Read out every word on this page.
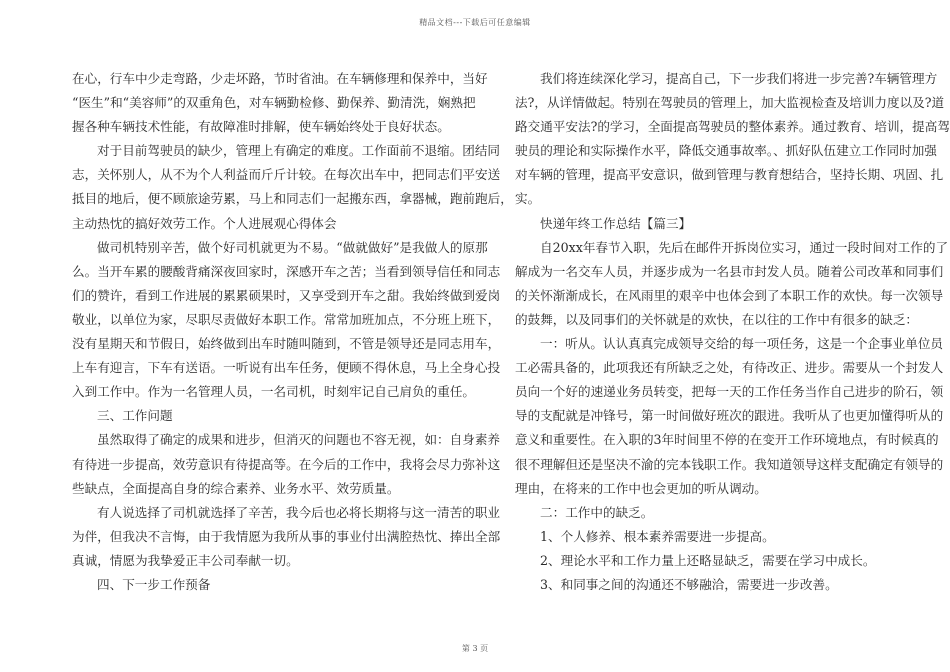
精品文档---下载后可任意编辑
在心，行车中少走弯路，少走坏路，节时省油。在车辆修理和保养中，当好
“医生”和“美容师”的双重角色，对车辆勤检修、勤保养、勤清洗，娴熟把
握各种车辆技术性能，有故障准时排解，使车辆始终处于良好状态。
对于目前驾驶员的缺少，管理上有确定的难度。工作面前不退缩。团结同
志，关怀别人，从不为个人利益而斤斤计较。在每次出车中，把同志们平安送
抵目的地后，便不顾旅途劳累，马上和同志们一起搬东西，拿器械，跑前跑后，
主动热忱的搞好效劳工作。个人进展观心得体会
做司机特别辛苦，做个好司机就更为不易。“做就做好”是我做人的原那
么。当开车累的腰酸背痛深夜回家时，深感开车之苦；当看到领导信任和同志
们的赞许，看到工作进展的累累硕果时，又享受到开车之甜。我始终做到爱岗
敬业，以单位为家，尽职尽责做好本职工作。常常加班加点，不分班上班下，
没有星期天和节假日，始终做到出车时随叫随到，不管是领导还是同志用车，
上车有迎言，下车有送语。一听说有出车任务，便顾不得休息，马上全身心投
入到工作中。作为一名管理人员，一名司机，时刻牢记自己肩负的重任。
三、工作问题
虽然取得了确定的成果和进步，但消灭的问题也不容无视，如：自身素养
有待进一步提高，效劳意识有待提高等。在今后的工作中，我将会尽力弥补这
些缺点，全面提高自身的综合素养、业务水平、效劳质量。
有人说选择了司机就选择了辛苦，我今后也必将长期将与这一清苦的职业
为伴，但我决不言悔，由于我情愿为我所从事的事业付出满腔热忱、捧出全部
真诚，情愿为我挚爱正丰公司奉献一切。
四、下一步工作预备
我们将连续深化学习，提高自己，下一步我们将进一步完善?车辆管理方
法?，从详情做起。特别在驾驶员的管理上，加大监视检查及培训力度以及?道
路交通平安法?的学习，全面提高驾驶员的整体素养。通过教育、培训，提高驾
驶员的理论和实际操作水平，降低交通事故率。、抓好队伍建立工作同时加强
对车辆的管理，提高平安意识，做到管理与教育想结合，坚持长期、巩固、扎
实。
快递年终工作总结【篇三】
自20xx年春节入职，先后在邮件开拆岗位实习，通过一段时间对工作的了
解成为一名交车人员，并逐步成为一名县市封发人员。随着公司改革和同事们
的关怀渐渐成长，在风雨里的艰辛中也体会到了本职工作的欢快。每一次领导
的鼓舞，以及同事们的关怀就是的欢快，在以往的工作中有很多的缺乏：
一：听从。认认真真完成领导交给的每一项任务，这是一个企事业单位员
工必需具备的，此项我还有所缺乏之处，有待改正、进步。需要从一个封发人
员向一个好的速递业务员转变，把每一天的工作任务当作自己进步的阶石，领
导的支配就是冲锋号，第一时间做好班次的跟进。我听从了也更加懂得听从的
意义和重要性。在入职的3年时间里不停的在变开工作环境地点，有时候真的
很不理解但还是坚决不渝的完本钱职工作。我知道领导这样支配确定有领导的
理由，在将来的工作中也会更加的听从调动。
二：工作中的缺乏。
1、个人修养、根本素养需要进一步提高。
2、理论水平和工作力量上还略显缺乏，需要在学习中成长。
3、和同事之间的沟通还不够融洽，需要进一步改善。
第 3 页
